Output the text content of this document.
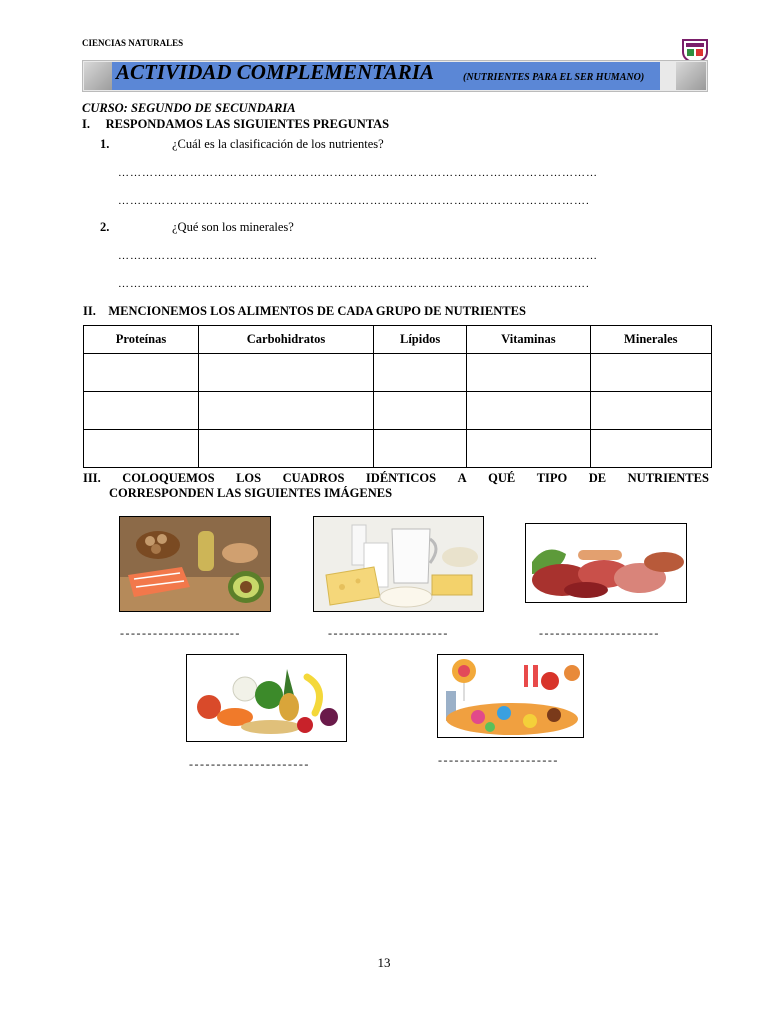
CIENCIAS NATURALES
ACTIVIDAD COMPLEMENTARIA	(NUTRIENTES PARA EL SER HUMANO)
CURSO: SEGUNDO DE SECUNDARIA
I.     RESPONDAMOS LAS SIGUIENTES PREGUNTAS
1.	¿Cuál es la clasificación de los nutrientes?
…………………………………………………………………………………………………………
……………………………………………………………………………………………………….
2.	¿Qué son los minerales?
…………………………………………………………………………………………………………
……………………………………………………………………………………………………….
II.    MENCIONEMOS LOS ALIMENTOS DE CADA GRUPO DE NUTRIENTES
Proteínas	Carbohidratos	Lípidos	Vitaminas	Minerales

III. COLOQUEMOS LOS CUADROS IDÉNTICOS A QUÉ TIPO DE NUTRIENTES
CORRESPONDEN LAS SIGUIENTES IMÁGENES
----------------------	----------------------	----------------------
----------------------	----------------------
13
